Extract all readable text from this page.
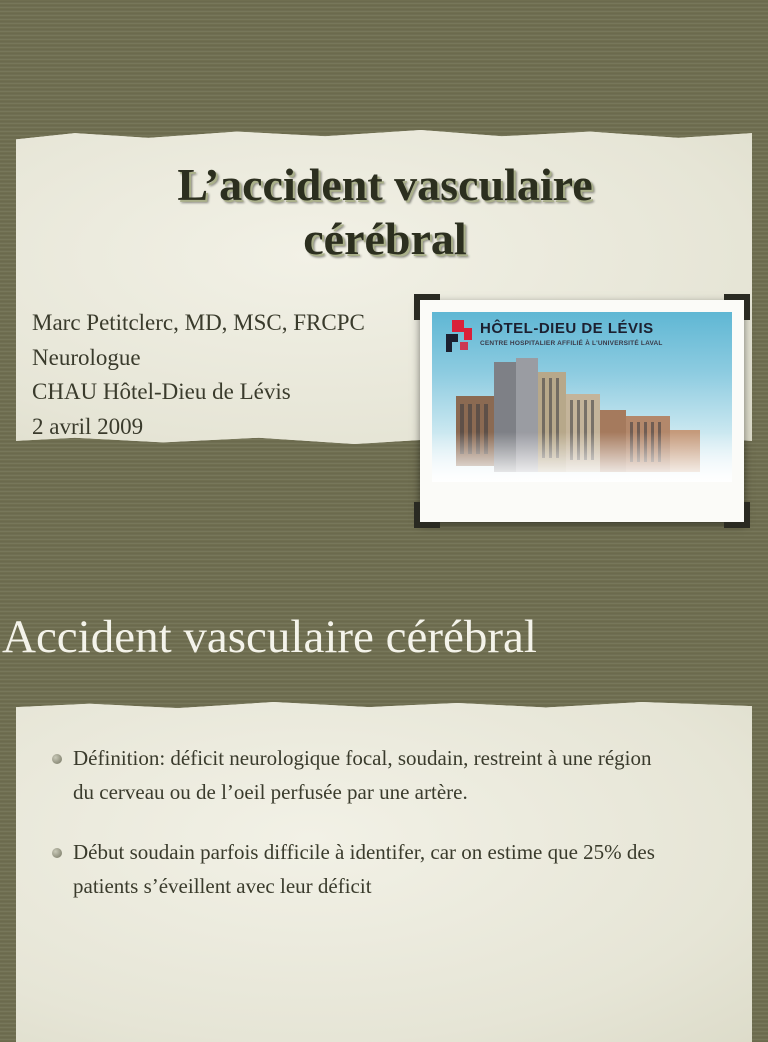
L’accident vasculaire
cérébral
Marc Petitclerc, MD, MSC, FRCPC
Neurologue
CHAU Hôtel-Dieu de Lévis
2 avril 2009
HÔTEL-DIEU DE LÉVIS
CENTRE HOSPITALIER AFFILIÉ À L'UNIVERSITÉ LAVAL
Accident vasculaire cérébral
Définition: déficit neurologique focal, soudain, restreint à une région du cerveau ou de l’oeil perfusée par une artère.
Début soudain parfois difficile à identifer, car on estime que 25% des patients s’éveillent avec leur déficit
